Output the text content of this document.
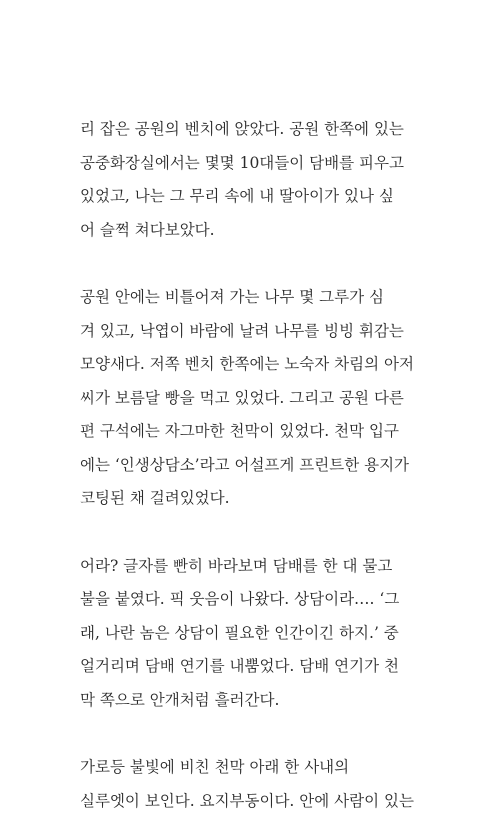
리 잡은 공원의 벤치에 앉았다. 공원 한쪽에 있는
공중화장실에서는 몇몇 10대들이 담배를 피우고
있었고, 나는 그 무리 속에 내 딸아이가 있나 싶
어 슬쩍 쳐다보았다.

공원 안에는 비틀어져 가는 나무 몇 그루가 심
겨 있고, 낙엽이 바람에 날려 나무를 빙빙 휘감는
모양새다. 저쪽 벤치 한쪽에는 노숙자 차림의 아저
씨가 보름달 빵을 먹고 있었다. 그리고 공원 다른
편 구석에는 자그마한 천막이 있었다. 천막 입구
에는 ‘인생상담소’라고 어설프게 프린트한 용지가
코팅된 채 걸려있었다.

어라? 글자를 빤히 바라보며 담배를 한 대 물고
불을 붙였다. 픽 웃음이 나왔다. 상담이라…. ‘그
래, 나란 놈은 상담이 필요한 인간이긴 하지.’ 중
얼거리며 담배 연기를 내뿜었다. 담배 연기가 천
막 쪽으로 안개처럼 흘러간다.

가로등 불빛에 비친 천막 아래 한 사내의
실루엣이 보인다. 요지부동이다. 안에 사람이 있는
